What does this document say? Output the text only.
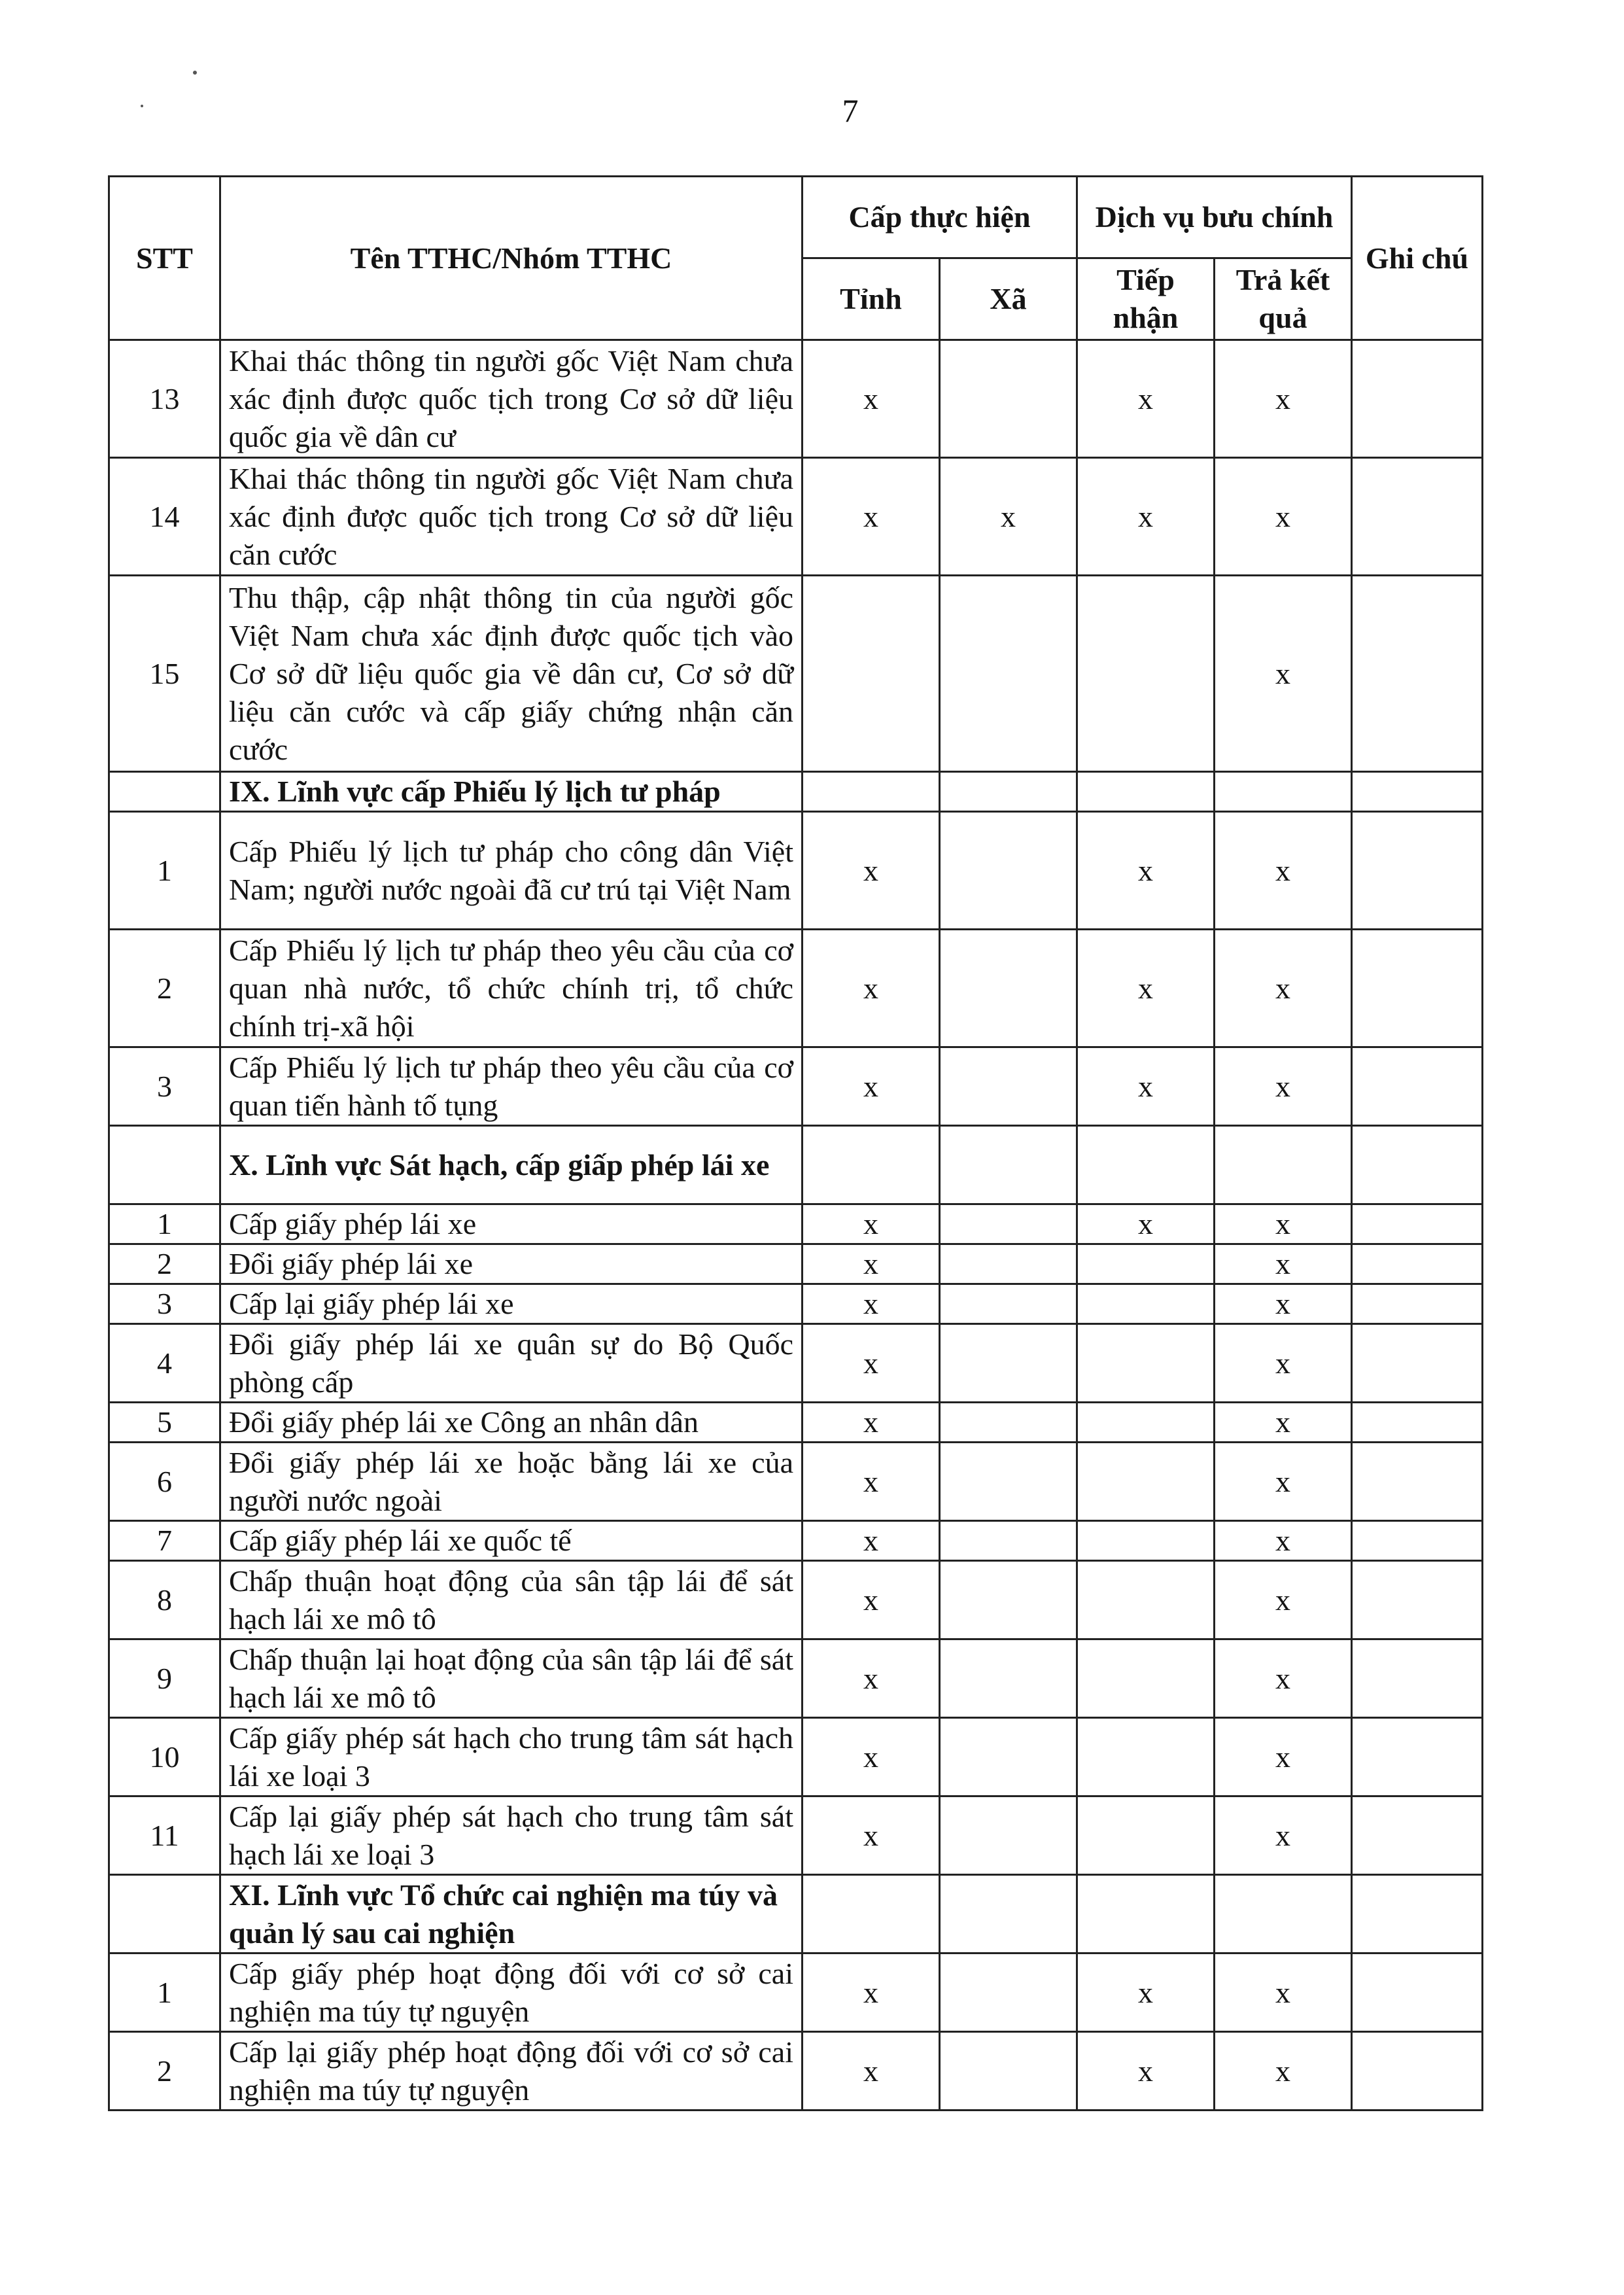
7
STT	Tên TTHC/Nhóm TTHC	Cấp thực hiện		Dịch vụ bưu chính		Ghi chú
		Tỉnh	Xã	Tiếp nhận	Trả kết quả	
13	Khai thác thông tin người gốc Việt Nam chưa xác định được quốc tịch trong Cơ sở dữ liệu quốc gia về dân cư	x		x	x	
14	Khai thác thông tin người gốc Việt Nam chưa xác định được quốc tịch trong Cơ sở dữ liệu căn cước	x	x	x	x	
15	Thu thập, cập nhật thông tin của người gốc Việt Nam chưa xác định được quốc tịch vào Cơ sở dữ liệu quốc gia về dân cư, Cơ sở dữ liệu căn cước và cấp giấy chứng nhận căn cước				x	
	IX. Lĩnh vực cấp Phiếu lý lịch tư pháp					
1	Cấp Phiếu lý lịch tư pháp cho công dân Việt Nam; người nước ngoài đã cư trú tại Việt Nam	x		x	x	
2	Cấp Phiếu lý lịch tư pháp theo yêu cầu của cơ quan nhà nước, tổ chức chính trị, tổ chức chính trị-xã hội	x		x	x	
3	Cấp Phiếu lý lịch tư pháp theo yêu cầu của cơ quan tiến hành tố tụng	x		x	x	
	X. Lĩnh vực Sát hạch, cấp giấp phép lái xe					
1	Cấp giấy phép lái xe	x		x	x	
2	Đổi giấy phép lái xe	x			x	
3	Cấp lại giấy phép lái xe	x			x	
4	Đổi giấy phép lái xe quân sự do Bộ Quốc phòng cấp	x			x	
5	Đổi giấy phép lái xe Công an nhân dân	x			x	
6	Đổi giấy phép lái xe hoặc bằng lái xe của người nước ngoài	x			x	
7	Cấp giấy phép lái xe quốc tế	x			x	
8	Chấp thuận hoạt động của sân tập lái để sát hạch lái xe mô tô	x			x	
9	Chấp thuận lại hoạt động của sân tập lái để sát hạch lái xe mô tô	x			x	
10	Cấp giấy phép sát hạch cho trung tâm sát hạch lái xe loại 3	x			x	
11	Cấp lại giấy phép sát hạch cho trung tâm sát hạch lái xe loại 3	x			x	
	XI. Lĩnh vực Tổ chức cai nghiện ma túy và quản lý sau cai nghiện					
1	Cấp giấy phép hoạt động đối với cơ sở cai nghiện ma túy tự nguyện	x		x	x	
2	Cấp lại giấy phép hoạt động đối với cơ sở cai nghiện ma túy tự nguyện	x		x	x	
